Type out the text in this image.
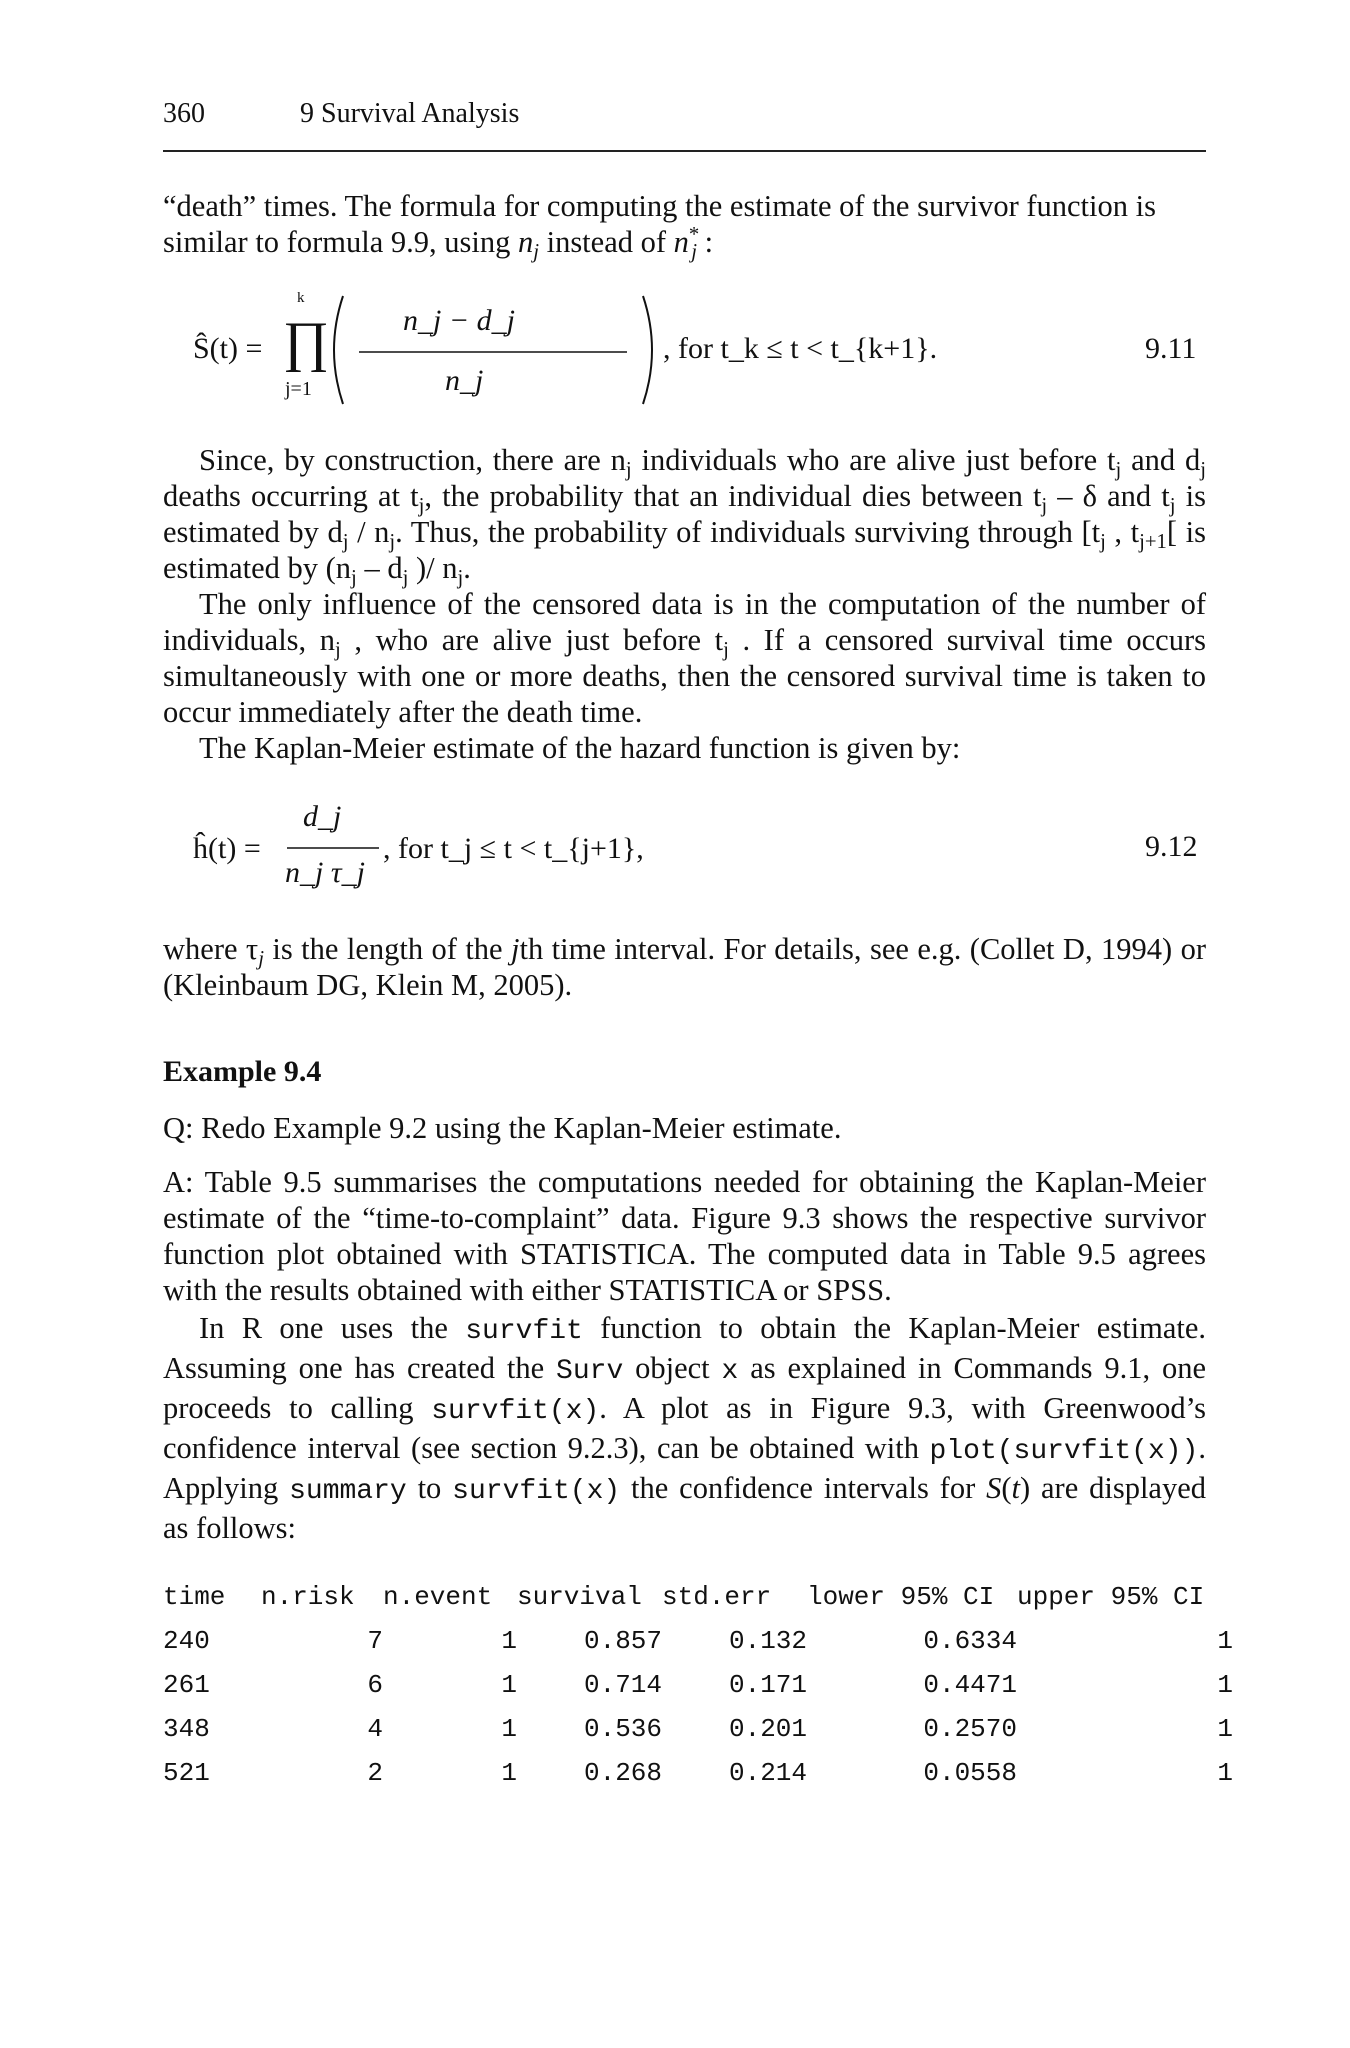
360	9 Survival Analysis

“death” times. The formula for computing the estimate of the survivor function is

similar to formula 9.9, using $n_j$ instead of $n^*_j$ :

Ŝ(t) =
k
∏
j=1
n_j − d_j
n_j
, for t_k ≤ t < t_{k+1}.	9.11

Since, by construction, there are $n_j$ individuals who are alive just before $t_j$ and $d_j$ deaths occurring at $t_j$, the probability that an individual dies between $t_j$ – δ and $t_j$ is estimated by $d_j / n_j$. Thus, the probability of individuals surviving through [$t_j$ , $t_{j+1}$[ is estimated by ($n_j - d_j$ )/ $n_j$.

The only influence of the censored data is in the computation of the number of individuals, $n_j$ , who are alive just before $t_j$ . If a censored survival time occurs simultaneously with one or more deaths, then the censored survival time is taken to occur immediately after the death time.

The Kaplan-Meier estimate of the hazard function is given by:
ĥ(t) =
d_j
n_j τ_j
, for t_j ≤ t < t_{j+1},	9.12

where $\tau_j$ is the length of the jth time interval. For details, see e.g. (Collet D, 1994) or (Kleinbaum DG, Klein M, 2005).

Example 9.4
Q: Redo Example 9.2 using the Kaplan-Meier estimate.
A: Table 9.5 summarises the computations needed for obtaining the Kaplan-Meier estimate of the “time-to-complaint” data. Figure 9.3 shows the respective survivor function plot obtained with STATISTICA. The computed data in Table 9.5 agrees with the results obtained with either STATISTICA or SPSS.

In R one uses the survfit function to obtain the Kaplan-Meier estimate. Assuming one has created the Surv object x as explained in Commands 9.1, one proceeds to calling survfit(x). A plot as in Figure 9.3, with Greenwood’s confidence interval (see section 9.2.3), can be obtained with plot(survfit(x)). Applying summary to survfit(x) the confidence intervals for S(t) are displayed as follows:

time	n.risk	n.event	survival	std.err	lower 95% CI	upper 95% CI
240	7	1	0.857	0.132	0.6334	1
261	6	1	0.714	0.171	0.4471	1
348	4	1	0.536	0.201	0.2570	1
521	2	1	0.268	0.214	0.0558	1
